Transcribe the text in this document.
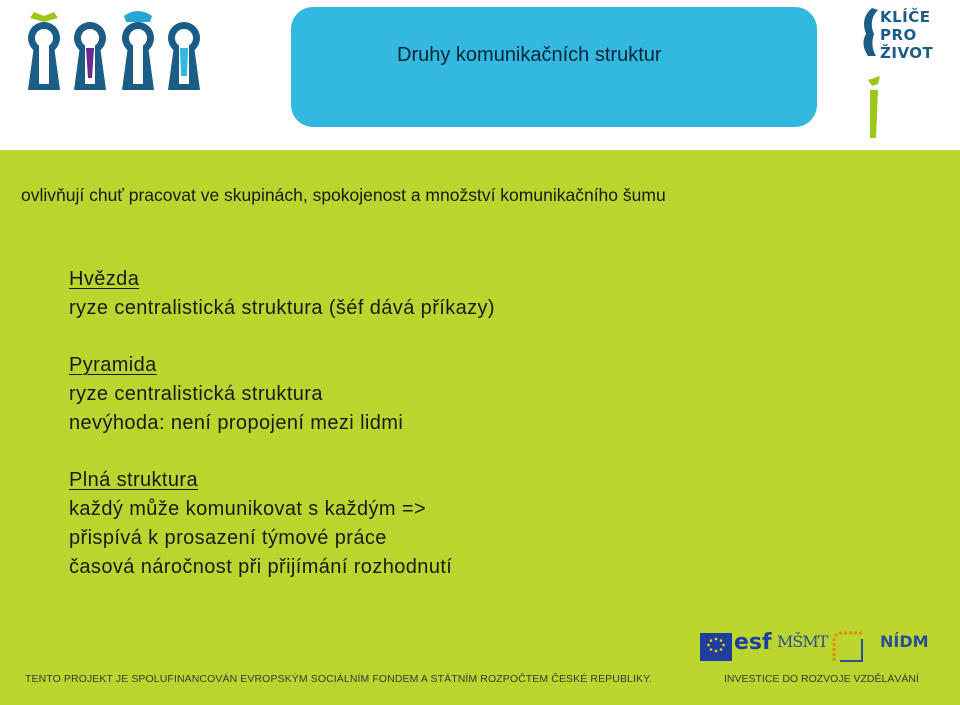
Druhy komunikačních struktur
KLÍČE
PRO
ŽIVOT
ovlivňují chuť pracovat ve skupinách, spokojenost a množství komunikačního šumu
Hvězda
ryze centralistická struktura (šéf dává příkazy)
Pyramida
ryze centralistická struktura
nevýhoda: není propojení mezi lidmi
Plná struktura
každý může komunikovat s každým =>
přispívá k prosazení týmové práce
časová náročnost při přijímání rozhodnutí
esf MŠMT	NÍDM
TENTO PROJEKT JE SPOLUFINANCOVÁN EVROPSKÝM SOCIÁLNÍM FONDEM A STÁTNÍM ROZPOČTEM ČESKÉ REPUBLIKY.	INVESTICE DO ROZVOJE VZDĚLÁVÁNÍ
